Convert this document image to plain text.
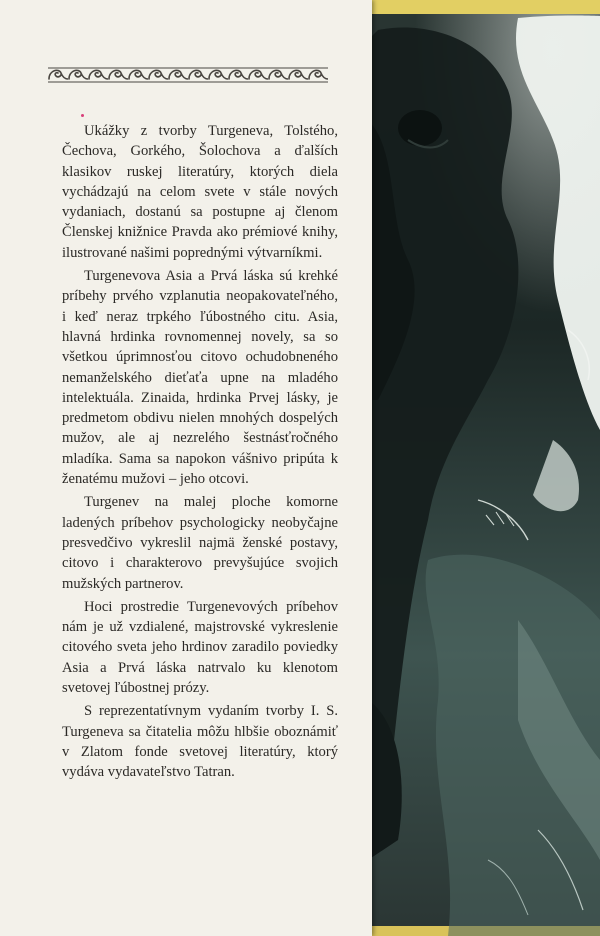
Ukážky z tvorby Turgeneva, Tolstého, Čechova, Gorkého, Šolochova a ďalších klasikov ruskej literatúry, ktorých diela vychádzajú na celom svete v stále nových vydaniach, dostanú sa postupne aj členom Členskej knižnice Pravda ako prémiové knihy, ilustrované našimi poprednými výtvarníkmi.

Turgenevova Asia a Prvá láska sú krehké príbehy prvého vzplanutia neopakovateľného, i keď neraz trpkého ľúbostného citu. Asia, hlavná hrdinka rovnomennej novely, sa so všetkou úprimnosťou citovo ochudobneného nemanželského dieťaťa upne na mladého intelektuála. Zinaida, hrdinka Prvej lásky, je predmetom obdivu nielen mnohých dospelých mužov, ale aj nezrelého šestnásťročného mladíka. Sama sa napokon vášnivo pripúta k ženatému mužovi – jeho otcovi.

Turgenev na malej ploche komorne ladených príbehov psychologicky neobyčajne presvedčivo vykreslil najmä ženské postavy, citovo i charakterovo prevyšujúce svojich mužských partnerov.

Hoci prostredie Turgenevových príbehov nám je už vzdialené, majstrovské vykreslenie citového sveta jeho hrdinov zaradilo poviedky Asia a Prvá láska natrvalo ku klenotom svetovej ľúbostnej prózy.

S reprezentatívnym vydaním tvorby I. S. Turgeneva sa čitatelia môžu hlbšie oboznámiť v Zlatom fonde svetovej literatúry, ktorý vydáva vydavateľstvo Tatran.
